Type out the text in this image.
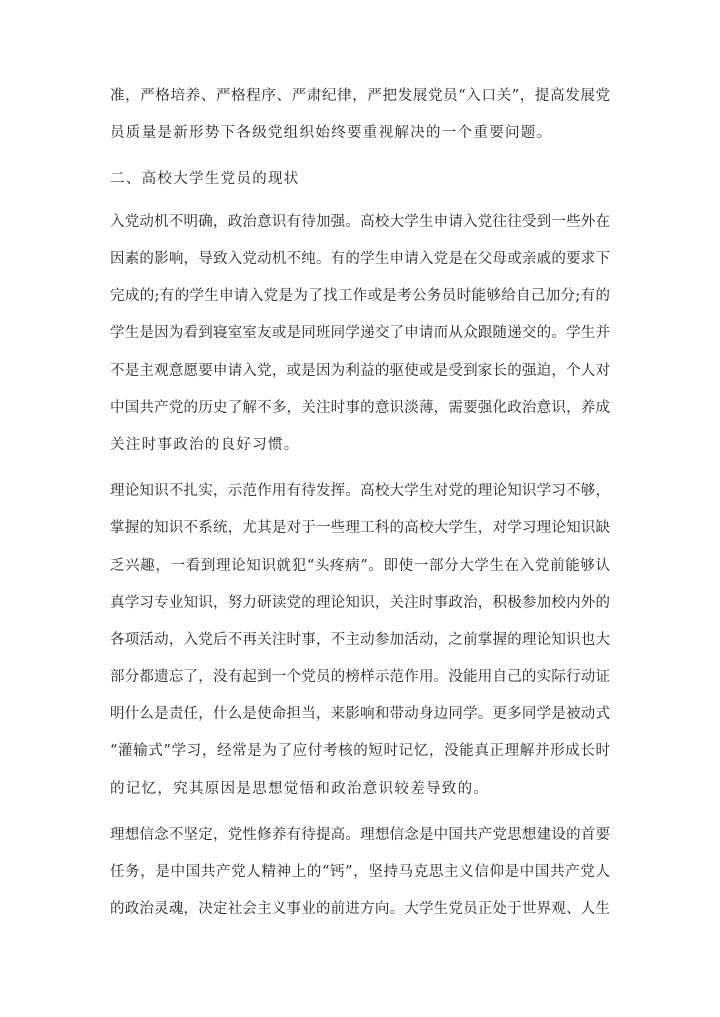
准，严格培养、严格程序、严肃纪律，严把发展党员“入口关”，提高发展党
员质量是新形势下各级党组织始终要重视解决的一个重要问题。
二、高校大学生党员的现状
入党动机不明确，政治意识有待加强。高校大学生申请入党往往受到一些外在
因素的影响，导致入党动机不纯。有的学生申请入党是在父母或亲戚的要求下
完成的;有的学生申请入党是为了找工作或是考公务员时能够给自己加分;有的
学生是因为看到寝室室友或是同班同学递交了申请而从众跟随递交的。学生并
不是主观意愿要申请入党，或是因为利益的驱使或是受到家长的强迫，个人对
中国共产党的历史了解不多，关注时事的意识淡薄，需要强化政治意识，养成
关注时事政治的良好习惯。
理论知识不扎实，示范作用有待发挥。高校大学生对党的理论知识学习不够，
掌握的知识不系统，尤其是对于一些理工科的高校大学生，对学习理论知识缺
乏兴趣，一看到理论知识就犯“头疼病”。即使一部分大学生在入党前能够认
真学习专业知识，努力研读党的理论知识，关注时事政治，积极参加校内外的
各项活动，入党后不再关注时事，不主动参加活动，之前掌握的理论知识也大
部分都遗忘了，没有起到一个党员的榜样示范作用。没能用自己的实际行动证
明什么是责任，什么是使命担当，来影响和带动身边同学。更多同学是被动式
“灌输式”学习，经常是为了应付考核的短时记忆，没能真正理解并形成长时
的记忆，究其原因是思想觉悟和政治意识较差导致的。
理想信念不坚定，党性修养有待提高。理想信念是中国共产党思想建设的首要
任务，是中国共产党人精神上的“钙”，坚持马克思主义信仰是中国共产党人
的政治灵魂，决定社会主义事业的前进方向。大学生党员正处于世界观、人生
